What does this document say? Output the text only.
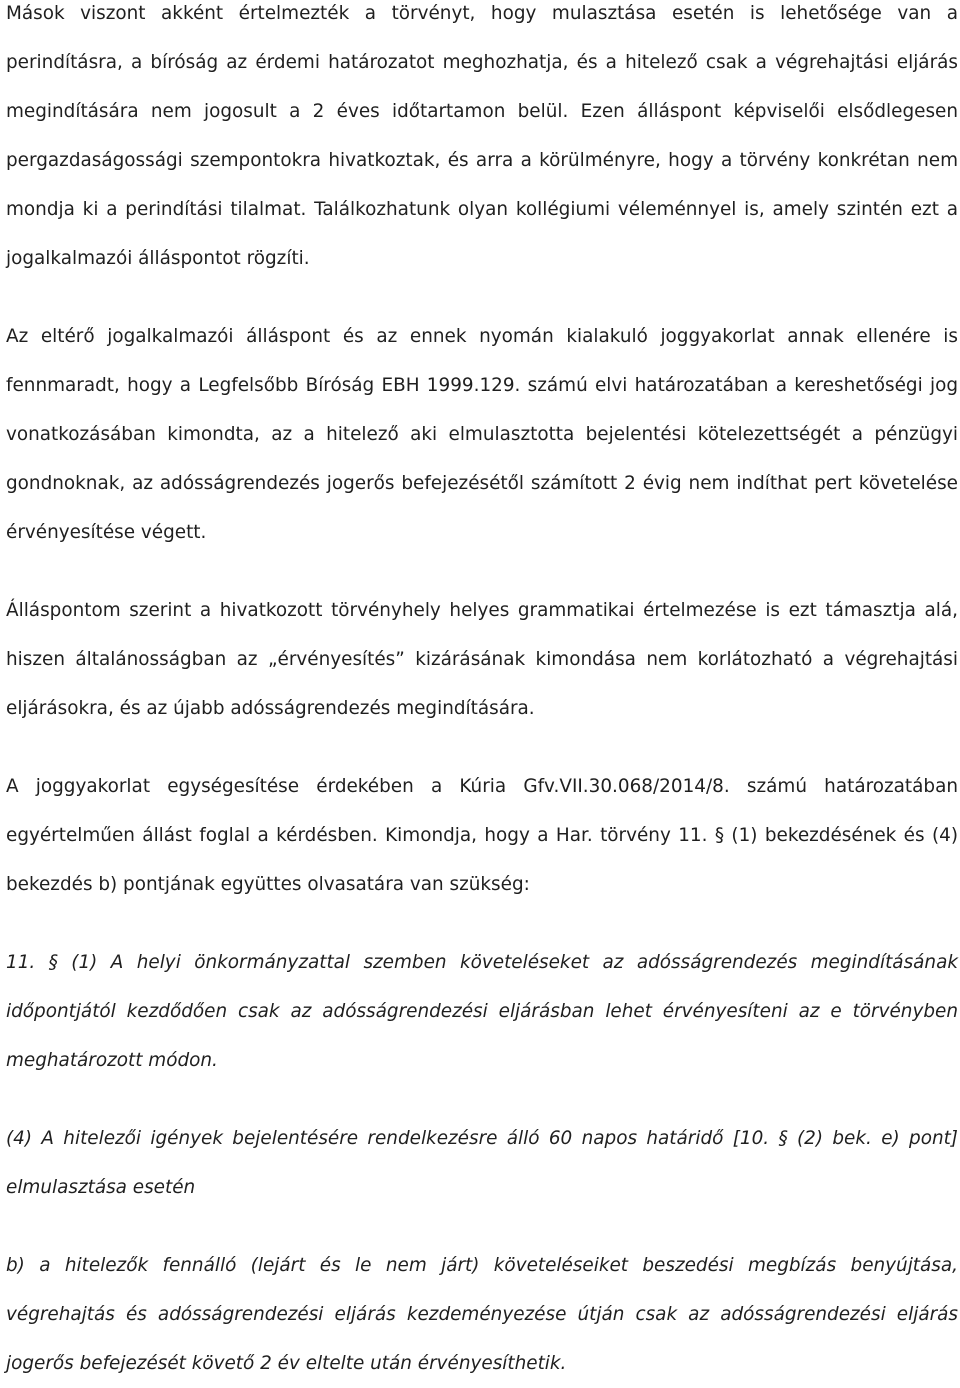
Mások viszont akként értelmezték a törvényt, hogy mulasztása esetén is lehetősége van a perindításra, a bíróság az érdemi határozatot meghozhatja, és a hitelező csak a végrehajtási eljárás megindítására nem jogosult a 2 éves időtartamon belül. Ezen álláspont képviselői elsődlegesen pergazdaságossági szempontokra hivatkoztak, és arra a körülményre, hogy a törvény konkrétan nem mondja ki a perindítási tilalmat. Találkozhatunk olyan kollégiumi véleménnyel is, amely szintén ezt a jogalkalmazói álláspontot rögzíti.

Az eltérő jogalkalmazói álláspont és az ennek nyomán kialakuló joggyakorlat annak ellenére is fennmaradt, hogy a Legfelsőbb Bíróság EBH 1999.129. számú elvi határozatában a kereshetőségi jog vonatkozásában kimondta, az a hitelező aki elmulasztotta bejelentési kötelezettségét a pénzügyi gondnoknak, az adósságrendezés jogerős befejezésétől számított 2 évig nem indíthat pert követelése érvényesítése végett.

Álláspontom szerint a hivatkozott törvényhely helyes grammatikai értelmezése is ezt támasztja alá, hiszen általánosságban az „érvényesítés” kizárásának kimondása nem korlátozható a végrehajtási eljárásokra, és az újabb adósságrendezés megindítására.

A joggyakorlat egységesítése érdekében a Kúria Gfv.VII.30.068/2014/8. számú határozatában egyértelműen állást foglal a kérdésben. Kimondja, hogy a Har. törvény 11. § (1) bekezdésének és (4) bekezdés b) pontjának együttes olvasatára van szükség:

11. § (1) A helyi önkormányzattal szemben követeléseket az adósságrendezés megindításának időpontjától kezdődően csak az adósságrendezési eljárásban lehet érvényesíteni az e törvényben meghatározott módon.

(4) A hitelezői igények bejelentésére rendelkezésre álló 60 napos határidő [10. § (2) bek. e) pont] elmulasztása esetén

b) a hitelezők fennálló (lejárt és le nem járt) követeléseiket beszedési megbízás benyújtása, végrehajtás és adósságrendezési eljárás kezdeményezése útján csak az adósságrendezési eljárás jogerős befejezését követő 2 év eltelte után érvényesíthetik.
